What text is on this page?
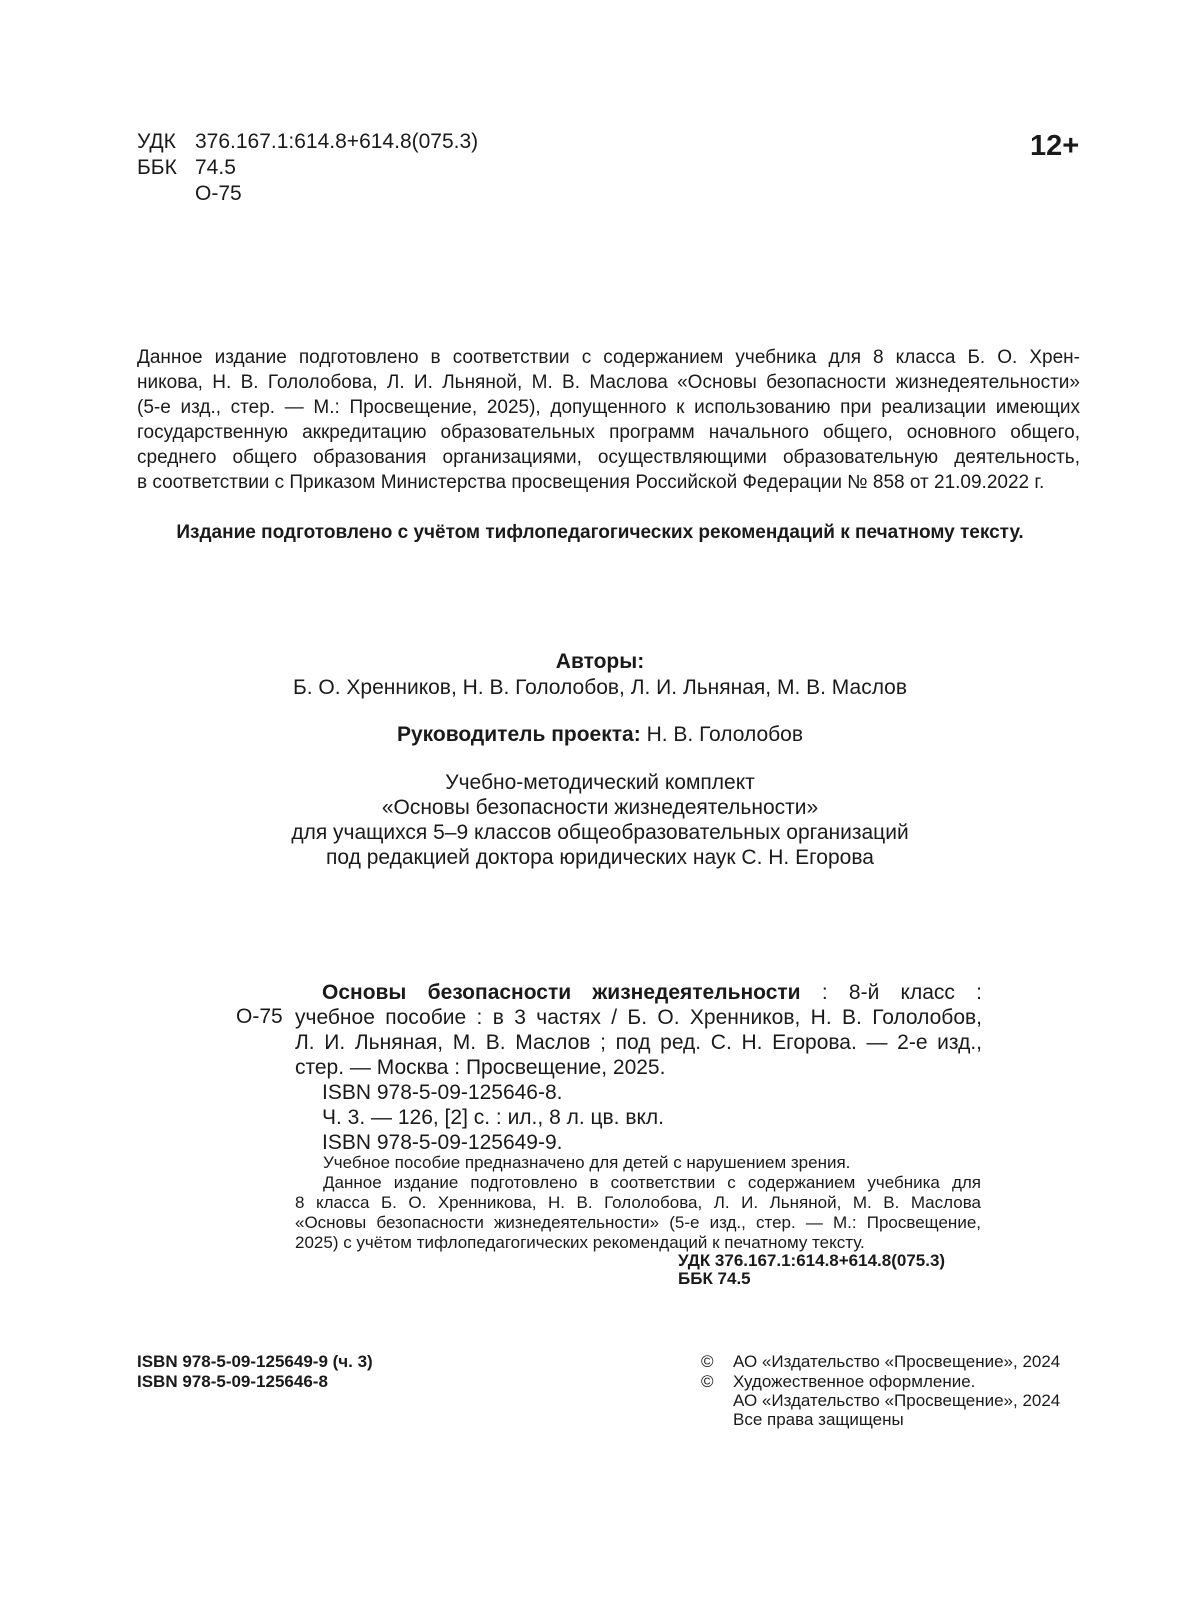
УДК 376.167.1:614.8+614.8(075.3)
ББК 74.5
О-75
12+
Данное издание подготовлено в соответствии с содержанием учебника для 8 класса Б. О. Хрен-
никова, Н. В. Гололобова, Л. И. Льняной, М. В. Маслова «Основы безопасности жизнедеятельности»
(5-е изд., стер. — М.: Просвещение, 2025), допущенного к использованию при реализации имеющих
государственную аккредитацию образовательных программ начального общего, основного общего,
среднего общего образования организациями, осуществляющими образовательную деятельность,
в соответствии с Приказом Министерства просвещения Российской Федерации № 858 от 21.09.2022 г.
Издание подготовлено с учётом тифлопедагогических рекомендаций к печатному тексту.
Авторы:
Б. О. Хренников, Н. В. Гололобов, Л. И. Льняная, М. В. Маслов
Руководитель проекта: Н. В. Гололобов
Учебно-методический комплект
«Основы безопасности жизнедеятельности»
для учащихся 5–9 классов общеобразовательных организаций
под редакцией доктора юридических наук С. Н. Егорова
О-75
Основы безопасности жизнедеятельности : 8-й класс :
учебное пособие : в 3 частях / Б. О. Хренников, Н. В. Гололобов,
Л. И. Льняная, М. В. Маслов ; под ред. С. Н. Егорова. — 2-е изд.,
стер. — Москва : Просвещение, 2025.
ISBN 978-5-09-125646-8.
Ч. 3. — 126, [2] с. : ил., 8 л. цв. вкл.
ISBN 978-5-09-125649-9.
Учебное пособие предназначено для детей с нарушением зрения.
Данное издание подготовлено в соответствии с содержанием учебника для
8 класса Б. О. Хренникова, Н. В. Гололобова, Л. И. Льняной, М. В. Маслова
«Основы безопасности жизнедеятельности» (5-е изд., стер. — М.: Просвещение,
2025) с учётом тифлопедагогических рекомендаций к печатному тексту.
УДК 376.167.1:614.8+614.8(075.3)
ББК 74.5
ISBN 978-5-09-125649-9 (ч. 3)
ISBN 978-5-09-125646-8
© АО «Издательство «Просвещение», 2024
© Художественное оформление.
АО «Издательство «Просвещение», 2024
Все права защищены
